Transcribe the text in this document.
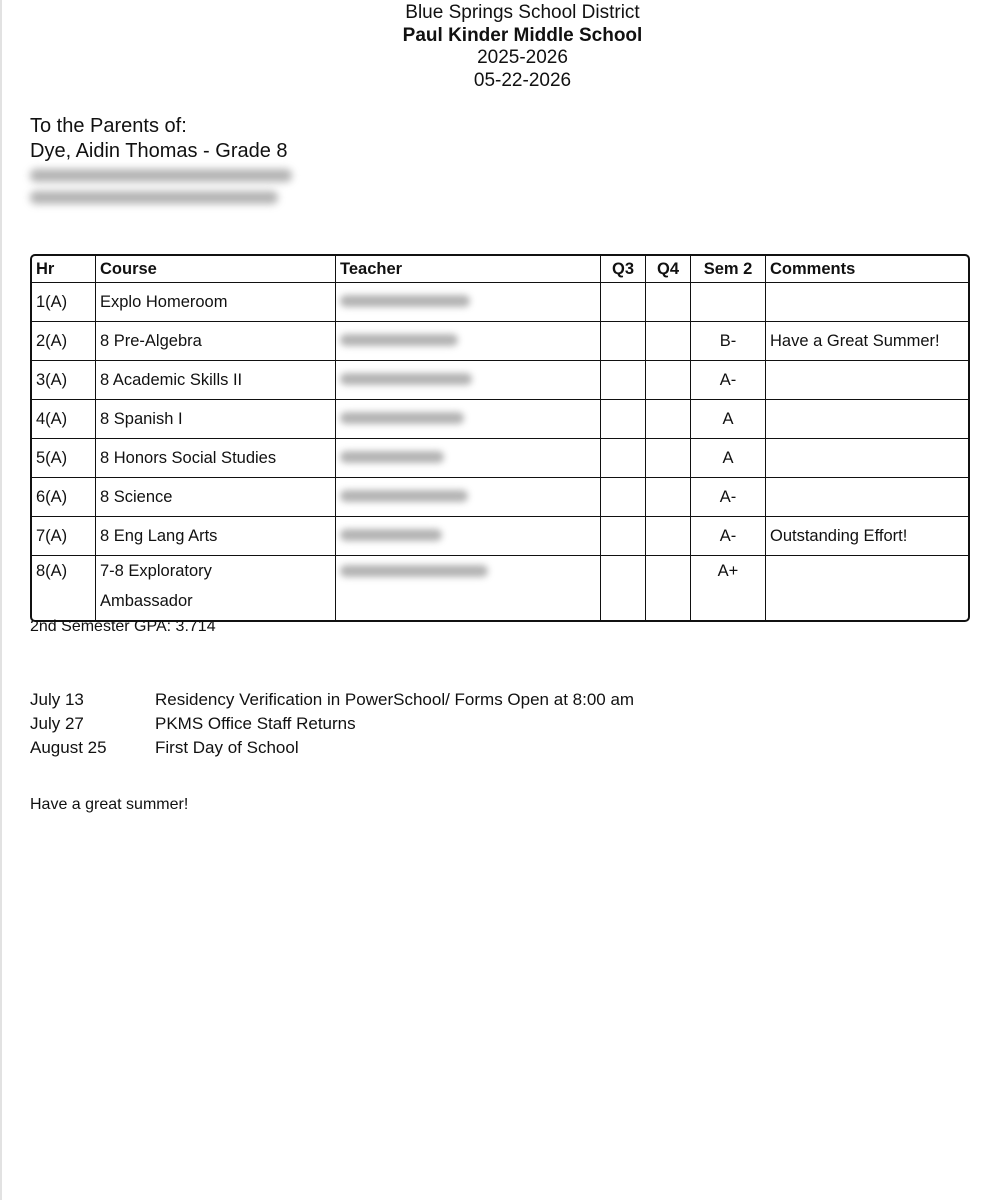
Blue Springs School District
Paul Kinder Middle School
2025-2026
05-22-2026
To the Parents of:
Dye, Aidin Thomas - Grade 8
Hr	Course	Teacher	Q3	Q4	Sem 2	Comments
1(A)	Explo Homeroom					
2(A)	8 Pre-Algebra				B-	Have a Great Summer!
3(A)	8 Academic Skills II				A-	
4(A)	8 Spanish I				A	
5(A)	8 Honors Social Studies				A	
6(A)	8 Science				A-	
7(A)	8 Eng Lang Arts				A-	Outstanding Effort!
8(A)	7-8 Exploratory
Ambassador				A+	
2nd Semester GPA: 3.714
July 13	Residency Verification in PowerSchool/ Forms Open at 8:00 am
July 27	PKMS Office Staff Returns
August 25	First Day of School
Have a great summer!
